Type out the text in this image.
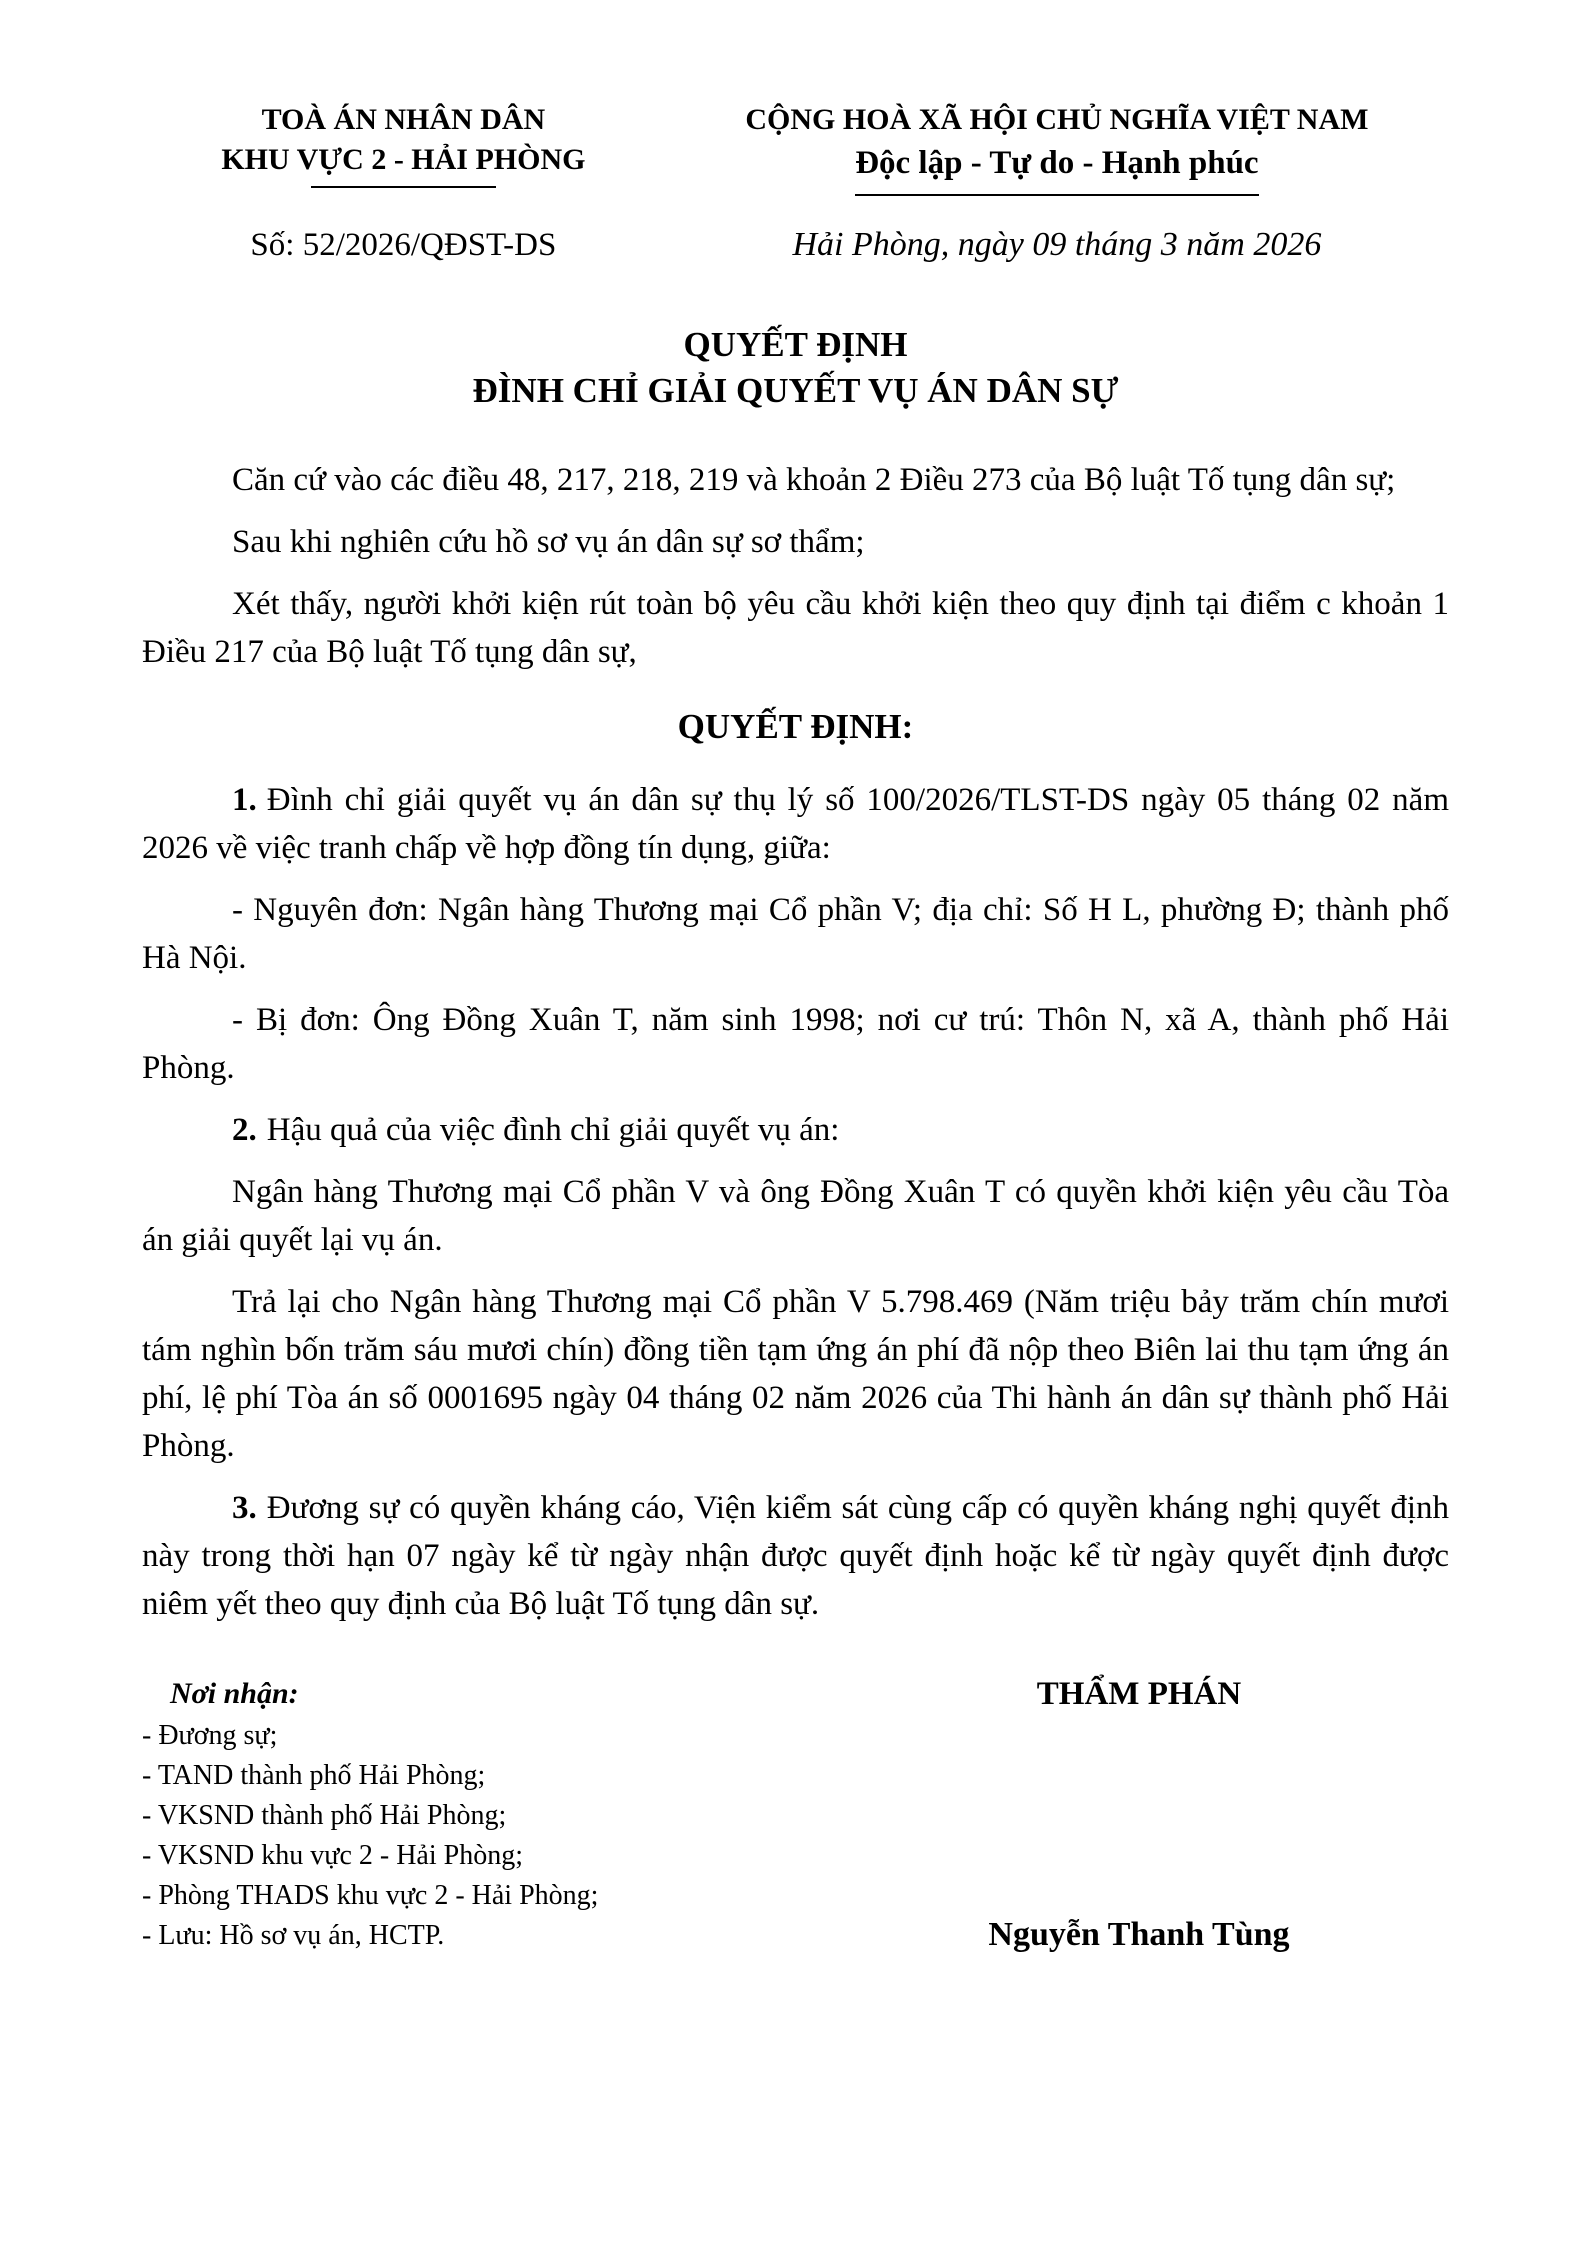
TOÀ ÁN NHÂN DÂN
KHU VỰC 2 - HẢI PHÒNG
CỘNG HOÀ XÃ HỘI CHỦ NGHĨA VIỆT NAM
Độc lập - Tự do - Hạnh phúc
Số: 52/2026/QĐST-DS	Hải Phòng, ngày 09 tháng 3 năm 2026
QUYẾT ĐỊNH
ĐÌNH CHỈ GIẢI QUYẾT VỤ ÁN DÂN SỰ

Căn cứ vào các điều 48, 217, 218, 219 và khoản 2 Điều 273 của Bộ luật Tố tụng dân sự;

Sau khi nghiên cứu hồ sơ vụ án dân sự sơ thẩm;

Xét thấy, người khởi kiện rút toàn bộ yêu cầu khởi kiện theo quy định tại điểm c khoản 1 Điều 217 của Bộ luật Tố tụng dân sự,

QUYẾT ĐỊNH:

1. Đình chỉ giải quyết vụ án dân sự thụ lý số 100/2026/TLST-DS ngày 05 tháng 02 năm 2026 về việc tranh chấp về hợp đồng tín dụng, giữa:

- Nguyên đơn: Ngân hàng Thương mại Cổ phần V; địa chỉ: Số H L, phường Đ; thành phố Hà Nội.

- Bị đơn: Ông Đồng Xuân T, năm sinh 1998; nơi cư trú: Thôn N, xã A, thành phố Hải Phòng.

2. Hậu quả của việc đình chỉ giải quyết vụ án:

Ngân hàng Thương mại Cổ phần V và ông Đồng Xuân T có quyền khởi kiện yêu cầu Tòa án giải quyết lại vụ án.

Trả lại cho Ngân hàng Thương mại Cổ phần V 5.798.469 (Năm triệu bảy trăm chín mươi tám nghìn bốn trăm sáu mươi chín) đồng tiền tạm ứng án phí đã nộp theo Biên lai thu tạm ứng án phí, lệ phí Tòa án số 0001695 ngày 04 tháng 02 năm 2026 của Thi hành án dân sự thành phố Hải Phòng.

3. Đương sự có quyền kháng cáo, Viện kiểm sát cùng cấp có quyền kháng nghị quyết định này trong thời hạn 07 ngày kể từ ngày nhận được quyết định hoặc kể từ ngày quyết định được niêm yết theo quy định của Bộ luật Tố tụng dân sự.

Nơi nhận:
- Đương sự;
- TAND thành phố Hải Phòng;
- VKSND thành phố Hải Phòng;
- VKSND khu vực 2 - Hải Phòng;
- Phòng THADS khu vực 2 - Hải Phòng;
- Lưu: Hồ sơ vụ án, HCTP.
THẨM PHÁN
Nguyễn Thanh Tùng
